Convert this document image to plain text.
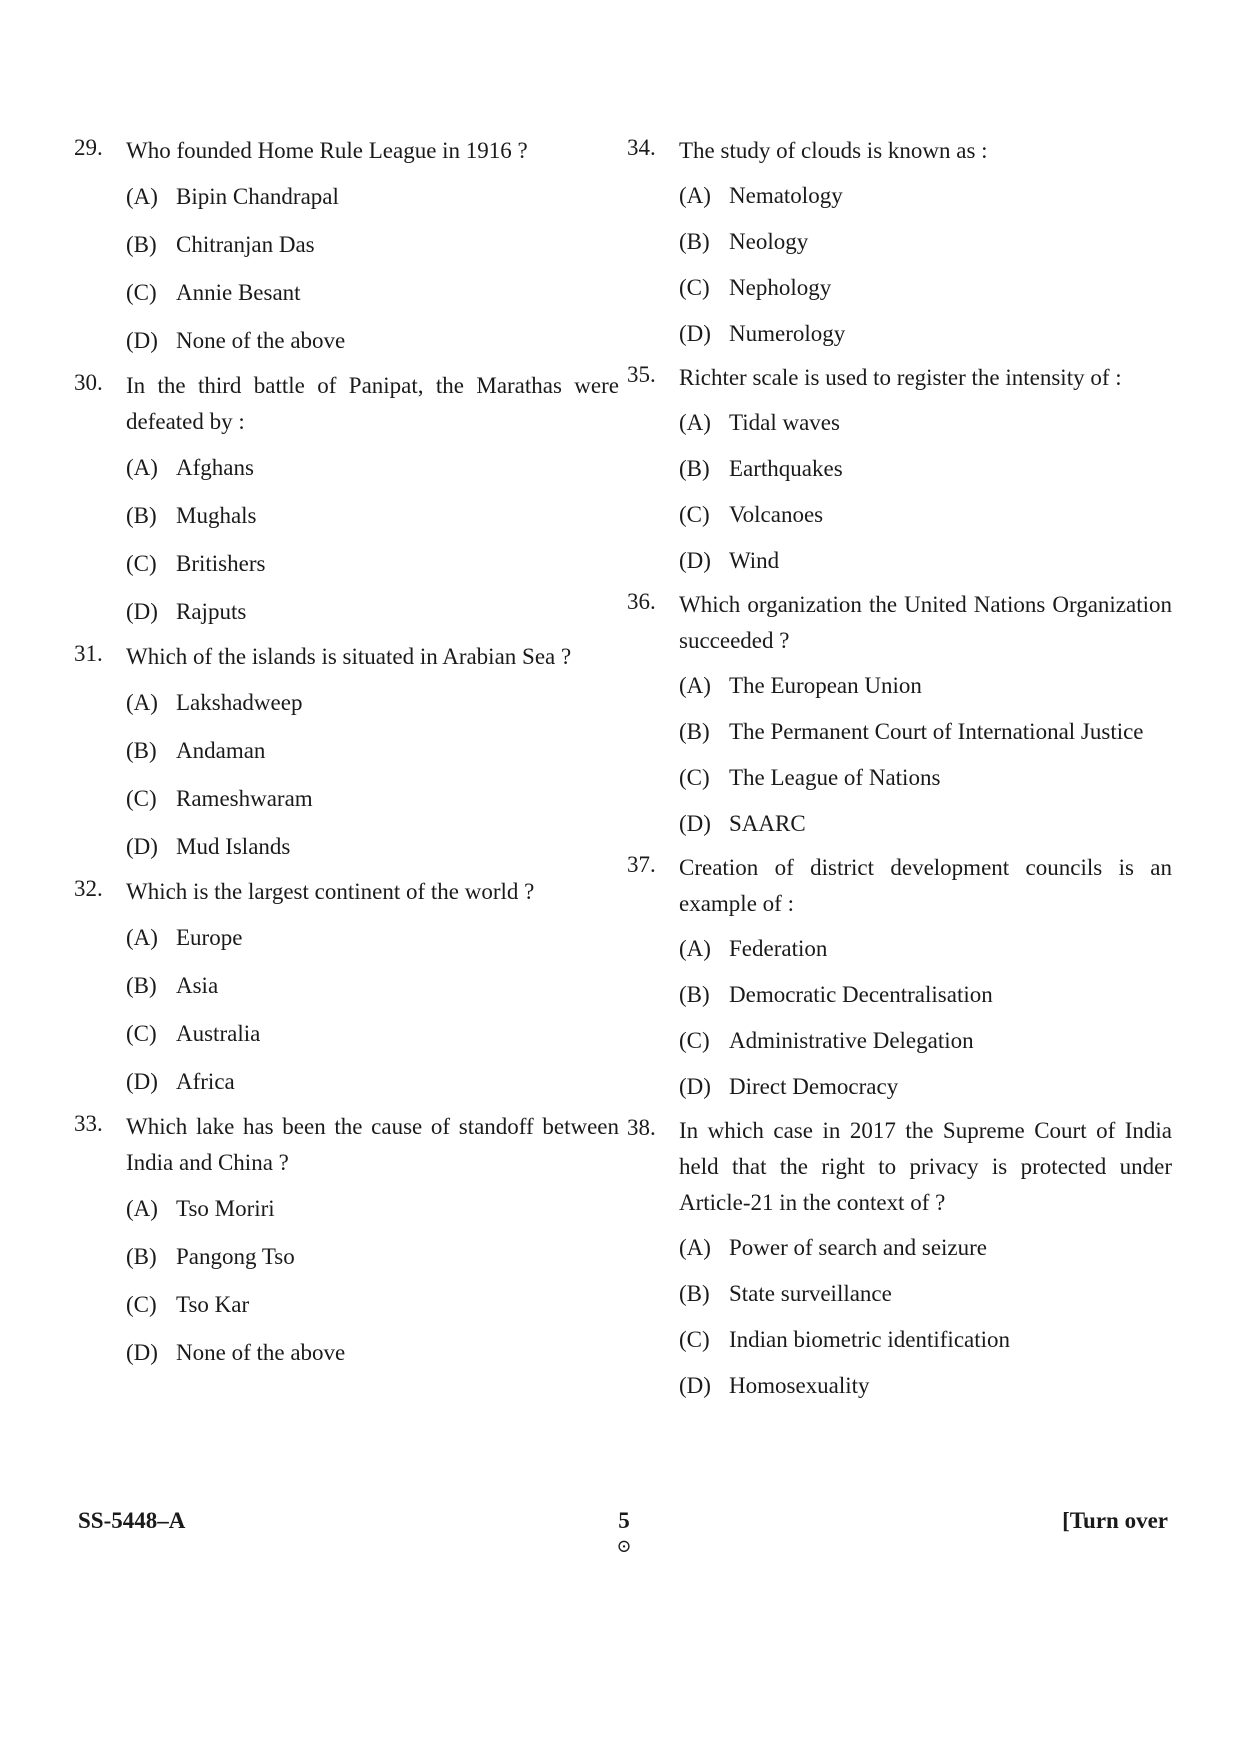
29.	Who founded Home Rule League in 1916 ?
(A) Bipin Chandrapal
(B) Chitranjan Das
(C) Annie Besant
(D) None of the above
30.	In the third battle of Panipat, the Marathas were defeated by :
(A) Afghans
(B) Mughals
(C) Britishers
(D) Rajputs
31.	Which of the islands is situated in Arabian Sea ?
(A) Lakshadweep
(B) Andaman
(C) Rameshwaram
(D) Mud Islands
32.	Which is the largest continent of the world ?
(A) Europe
(B) Asia
(C) Australia
(D) Africa
33.	Which lake has been the cause of standoff between India and China ?
(A) Tso Moriri
(B) Pangong Tso
(C) Tso Kar
(D) None of the above
34.	The study of clouds is known as :
(A) Nematology
(B) Neology
(C) Nephology
(D) Numerology
35.	Richter scale is used to register the intensity of :
(A) Tidal waves
(B) Earthquakes
(C) Volcanoes
(D) Wind
36.	Which organization the United Nations Organization succeeded ?
(A) The European Union
(B) The Permanent Court of International Justice
(C) The League of Nations
(D) SAARC
37.	Creation of district development councils is an example of :
(A) Federation
(B) Democratic Decentralisation
(C) Administrative Delegation
(D) Direct Democracy
38.	In which case in 2017 the Supreme Court of India held that the right to privacy is protected under Article-21 in the context of ?
(A) Power of search and seizure
(B) State surveillance
(C) Indian biometric identification
(D) Homosexuality
SS-5448–A	5
⊙
[Turn over
